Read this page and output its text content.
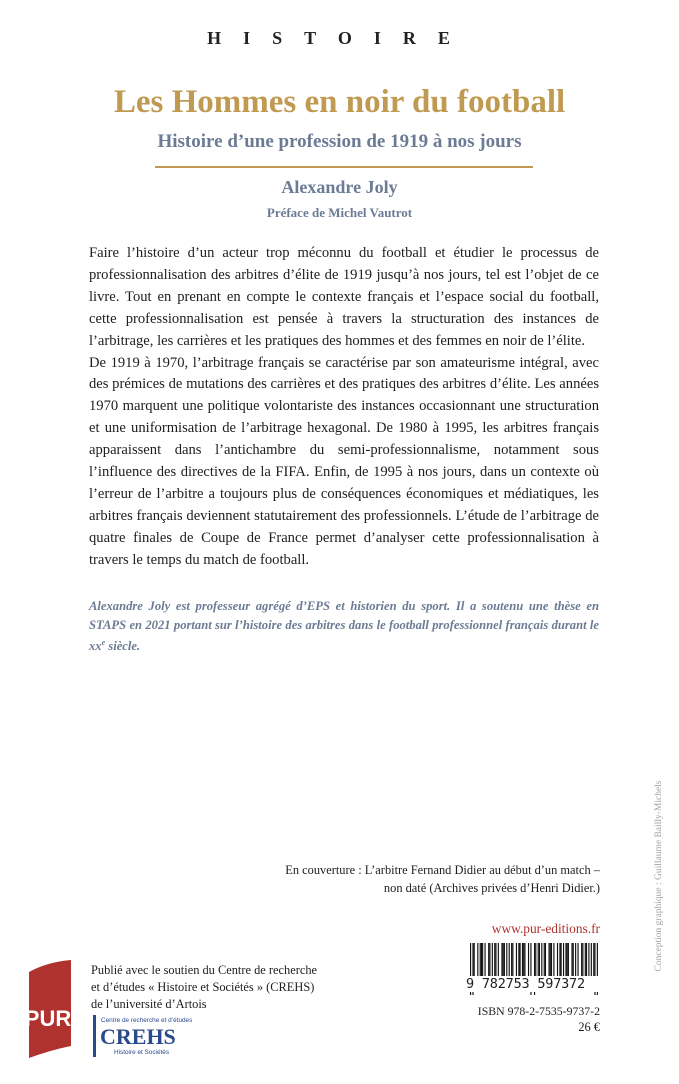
HISTOIRE
Les Hommes en noir du football
Histoire d’une profession de 1919 à nos jours
Alexandre Joly
Préface de Michel Vautrot

Faire l’histoire d’un acteur trop méconnu du football et étudier le processus de professionnalisation des arbitres d’élite de 1919 jusqu’à nos jours, tel est l’objet de ce livre. Tout en prenant en compte le contexte français et l’espace social du football, cette professionnalisation est pensée à travers la structuration des instances de l’arbitrage, les carrières et les pratiques des hommes et des femmes en noir de l’élite.

De 1919 à 1970, l’arbitrage français se caractérise par son amateurisme intégral, avec des prémices de mutations des carrières et des pratiques des arbitres d’élite. Les années 1970 marquent une politique volontariste des instances occasionnant une structuration et une uniformisation de l’arbitrage hexagonal. De 1980 à 1995, les arbitres français apparaissent dans l’antichambre du semi-professionnalisme, notamment sous l’influence des directives de la FIFA. Enfin, de 1995 à nos jours, dans un contexte où l’erreur de l’arbitre a toujours plus de conséquences économiques et médiatiques, les arbitres français deviennent statutairement des professionnels. L’étude de l’arbitrage de quatre finales de Coupe de France permet d’analyser cette professionnalisation à travers le temps du match de football.

Alexandre Joly est professeur agrégé d’EPS et historien du sport. Il a soutenu une thèse en STAPS en 2021 portant sur l’histoire des arbitres dans le football professionnel français durant le $xx^e$ siècle.
Conception graphique : Guillaume Bailly-Michels
En couverture : L’arbitre Fernand Didier au début d’un match –
non daté (Archives privées d’Henri Didier.)
www.pur-editions.fr
9 782753 597372
ISBN 978-2-7535-9737-2
26 €
PUR
Publié avec le soutien du Centre de recherche
et d’études « Histoire et Sociétés » (CREHS)
de l’université d’Artois
Centre de recherche et d’études
CREHS
Histoire et Sociétés
